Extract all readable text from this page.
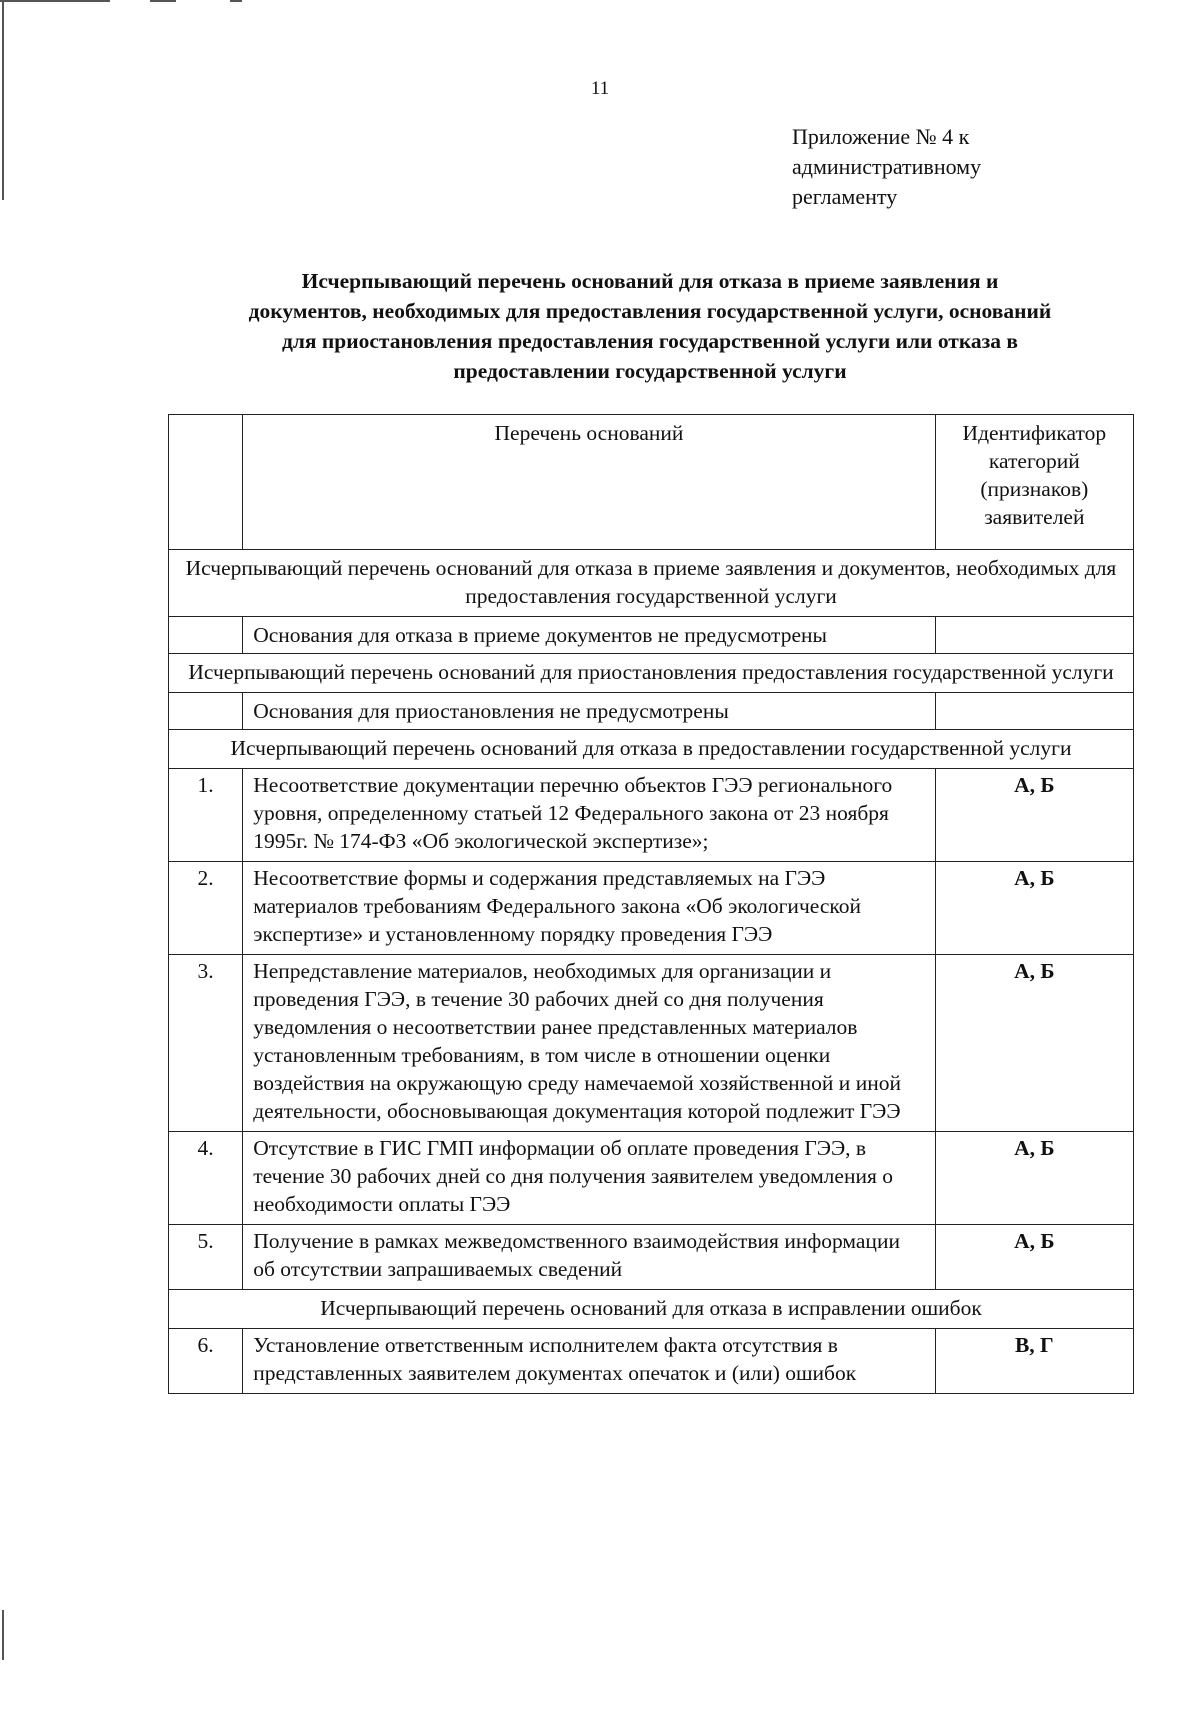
11
Приложение № 4 к
административному
регламенту
Исчерпывающий перечень оснований для отказа в приеме заявления и
документов, необходимых для предоставления государственной услуги, оснований
для приостановления предоставления государственной услуги или отказа в
предоставлении государственной услуги
	Перечень оснований	Идентификатор категорий (признаков) заявителей
Исчерпывающий перечень оснований для отказа в приеме заявления и документов, необходимых для предоставления государственной услуги		
	Основания для отказа в приеме документов не предусмотрены	
Исчерпывающий перечень оснований для приостановления предоставления государственной услуги		
	Основания для приостановления не предусмотрены	
Исчерпывающий перечень оснований для отказа в предоставлении государственной услуги		
1.	Несоответствие документации перечню объектов ГЭЭ регионального уровня, определенному статьей 12 Федерального закона от 23 ноября 1995г. № 174-ФЗ «Об экологической экспертизе»;	А, Б
2.	Несоответствие формы и содержания представляемых на ГЭЭ материалов требованиям Федерального закона «Об экологической экспертизе» и установленному порядку проведения ГЭЭ	А, Б
3.	Непредставление материалов, необходимых для организации и проведения ГЭЭ, в течение 30 рабочих дней со дня получения уведомления о несоответствии ранее представленных материалов установленным требованиям, в том числе в отношении оценки воздействия на окружающую среду намечаемой хозяйственной и иной деятельности, обосновывающая документация которой подлежит ГЭЭ	А, Б
4.	Отсутствие в ГИС ГМП информации об оплате проведения ГЭЭ, в течение 30 рабочих дней со дня получения заявителем уведомления о необходимости оплаты ГЭЭ	А, Б
5.	Получение в рамках межведомственного взаимодействия информации об отсутствии запрашиваемых сведений	А, Б
Исчерпывающий перечень оснований для отказа в исправлении ошибок		
6.	Установление ответственным исполнителем факта отсутствия в представленных заявителем документах опечаток и (или) ошибок	В, Г
